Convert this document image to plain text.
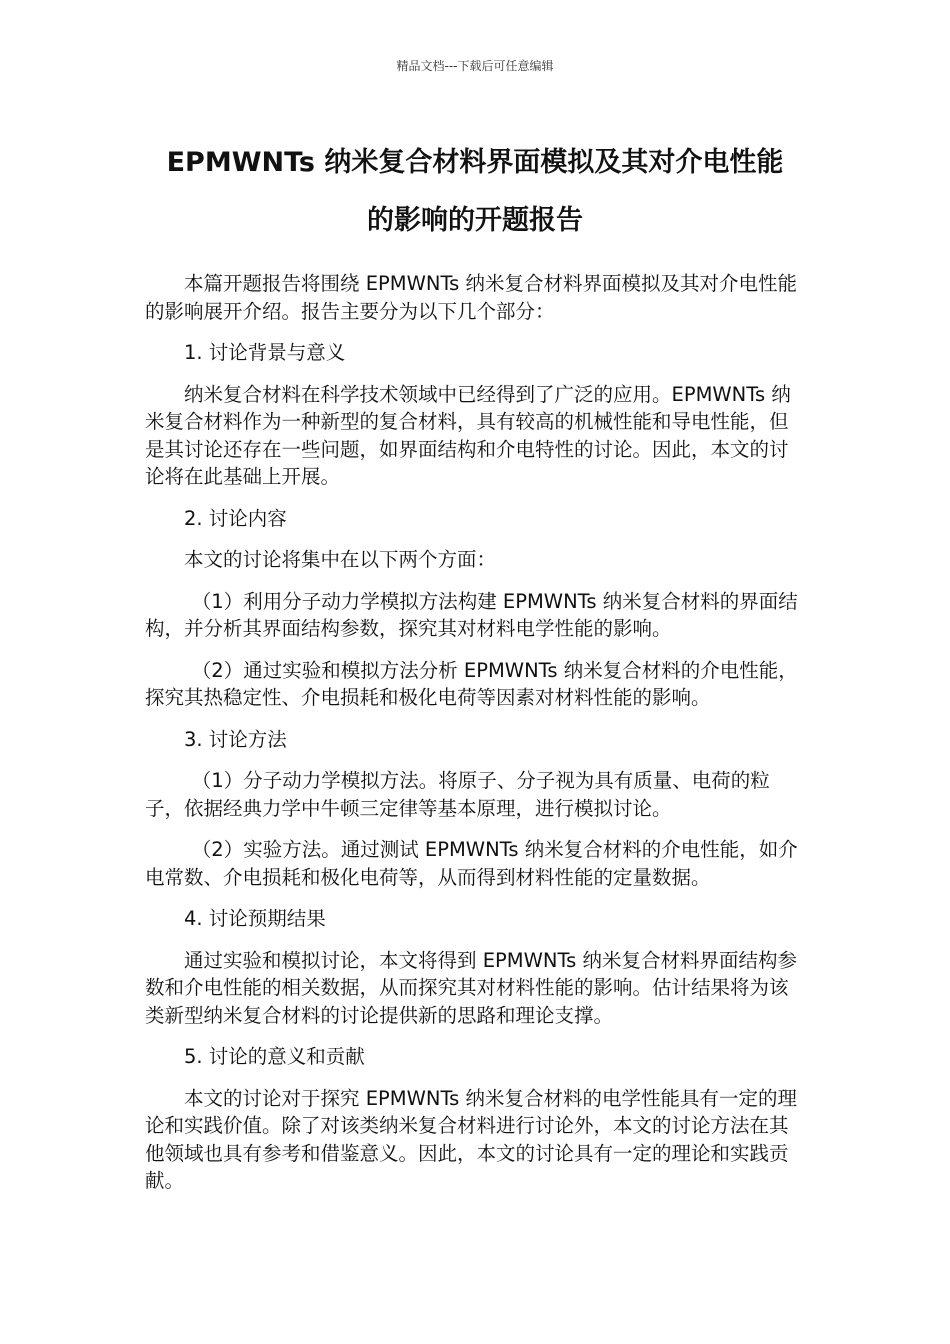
精品文档---下载后可任意编辑
EPMWNTs 纳米复合材料界面模拟及其对介电性能
的影响的开题报告

本篇开题报告将围绕 EPMWNTs 纳米复合材料界面模拟及其对介电性能的影响展开介绍。报告主要分为以下几个部分：

1. 讨论背景与意义

纳米复合材料在科学技术领域中已经得到了广泛的应用。EPMWNTs 纳米复合材料作为一种新型的复合材料，具有较高的机械性能和导电性能，但是其讨论还存在一些问题，如界面结构和介电特性的讨论。因此，本文的讨论将在此基础上开展。

2. 讨论内容

本文的讨论将集中在以下两个方面：

（1）利用分子动力学模拟方法构建 EPMWNTs 纳米复合材料的界面结构，并分析其界面结构参数，探究其对材料电学性能的影响。

（2）通过实验和模拟方法分析 EPMWNTs 纳米复合材料的介电性能，探究其热稳定性、介电损耗和极化电荷等因素对材料性能的影响。

3. 讨论方法

（1）分子动力学模拟方法。将原子、分子视为具有质量、电荷的粒子，依据经典力学中牛顿三定律等基本原理，进行模拟讨论。

（2）实验方法。通过测试 EPMWNTs 纳米复合材料的介电性能，如介电常数、介电损耗和极化电荷等，从而得到材料性能的定量数据。

4. 讨论预期结果

通过实验和模拟讨论，本文将得到 EPMWNTs 纳米复合材料界面结构参数和介电性能的相关数据，从而探究其对材料性能的影响。估计结果将为该类新型纳米复合材料的讨论提供新的思路和理论支撑。

5. 讨论的意义和贡献

本文的讨论对于探究 EPMWNTs 纳米复合材料的电学性能具有一定的理论和实践价值。除了对该类纳米复合材料进行讨论外，本文的讨论方法在其他领域也具有参考和借鉴意义。因此，本文的讨论具有一定的理论和实践贡献。
